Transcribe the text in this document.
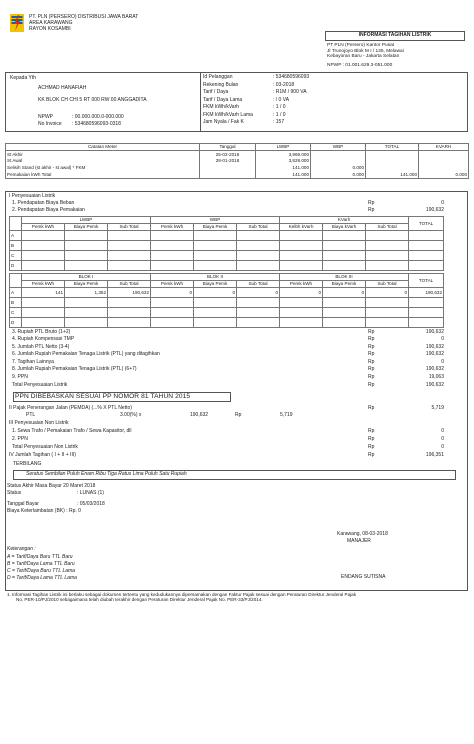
PT. PLN (PERSERO) DISTRIBUSI JAWA BARAT
AREA KARAWANG
RAYON KOSAMBI
INFORMASI TAGIHAN LISTRIK
PT PLN (Persero) Kantor Pusat
Jl Trunojoyo Blok M I / 135, Melawai
Kebayoran Baru - Jakarta Selatan
NPWP : 01.001.629.3-051.000
Kepada Yth
ACHMAD HANAFIAH
KK BLOK CH CHI 5 RT 000 RW 00 ANGGADITA
NPWP	: 00.000.000.0-000.000
No Invoice : 534680596093-0318
Id Pelanggan	: 534680596093
Rekening Bulan	: 03-2018
Tarif / Daya	: R1M / 900 VA
Tarif / Daya Lama	: / 0 VA
FKM kWh/kVarh	: 1 / 0
FKM kWh/kVarh Lama	: 1 / 0
Jam Nyala / Fak K	: 157
Catatan Meter	Tanggal	LWBP	WBP	TOTAL	KVARH
St Akhir	25-02-2018	3,969.000			
St Awal	28-01-2018	3,828.000			
Selisih Stand (st akhir - st awal) * FKM		141.000	0.000		
Pemakaian kWh Total		141.000	0.000	141.000	0.000
I Penyesuaian Listrik
1. Pendapatan Biaya Beban	Rp	0
2. Pendapatan Biaya Pemakaian	Rp	190,632
	LWBP			WBP			KVarh			TOTAL
	Pemk kWh	Biaya Pemk	Sub Total	Pemk kWh	Biaya Pemk	Sub Total	Kelbh kVarh	Biaya kVarh	Sub Total	
A										
B										
C										
D										
	BLOK I			BLOK II			BLOK III			TOTAL
	Pemk kWh	Biaya Pemk	Sub Total	Pemk kWh	Biaya Pemk	Sub Total	Pemk kWh	Biaya Pemk	Sub Total	
A	141	1,352	190,632	0	0	0	0	0	0	190,632
B										
C										
D										
3. Rupiah PTL Bruto (1+2)	Rp	190,632
4. Rupiah Kompensasi TMP	Rp	0
5. Jumlah PTL Netto (3-4)	Rp	190,632
6. Jumlah Rupiah Pemakaian Tenaga Listrik (PTL) yang ditagihkan	Rp	190,632
7. Tagihan Lainnya	Rp	0
8. Jumlah Rupiah Pemakaian Tenaga Listrik (PTL) (6+7)	Rp	190,632
9. PPN	Rp	19,063
Total Penyesuaian Listrik	Rp	190,632
PPN DIBEBASKAN SESUAI PP NOMOR 81 TAHUN 2015
II Pajak Penerangan Jalan (PEMDA) (...% X PTL Netto)	Rp	5,719
PTL	3.00(%) x	190,632	Rp	5,719
III Penyesuaian Non Listrik
1. Sewa Trafo / Pemakaian Trafo / Sewa Kapasitor, dll	Rp	0
2. PPN	Rp	0
Total Penyesuaian Non Listrik	Rp	0
IV Jumlah Tagihan ( I + II + III)	Rp	196,351
TERBILANG
Seratus Sembilan Puluh Enam Ribu Tiga Ratus Lima Puluh Satu Rupiah
Status Akhir Masa Bayar 20 Maret 2018
Status	: LUNAS (1)
Tanggal Bayar	: 05/03/2018
Biaya Keterlambatan (BK) : Rp. 0
Karawang, 08-03-2018
MANAJER
ENDANG SUTISNA
Keterangan :
A = Tarif/Daya Baru TTL Baru
B = Tarif/Daya Lama TTL Baru
C = Tarif/Daya Baru TTL Lama
D = Tarif/Daya Lama TTL Lama
1. Informasi Tagihan Listrik ini berlaku sebagai dokumen tertentu yang kedudukannya dipersamakan dengan Faktur Pajak sesuai dengan Peraturan Direktur Jenderal Pajak
No. PER-10/PJ/2010 sebagaimana telah diubah terakhir dengan Peraturan Direktur Jenderal Pajak No. PER-33/PJ/2014.
